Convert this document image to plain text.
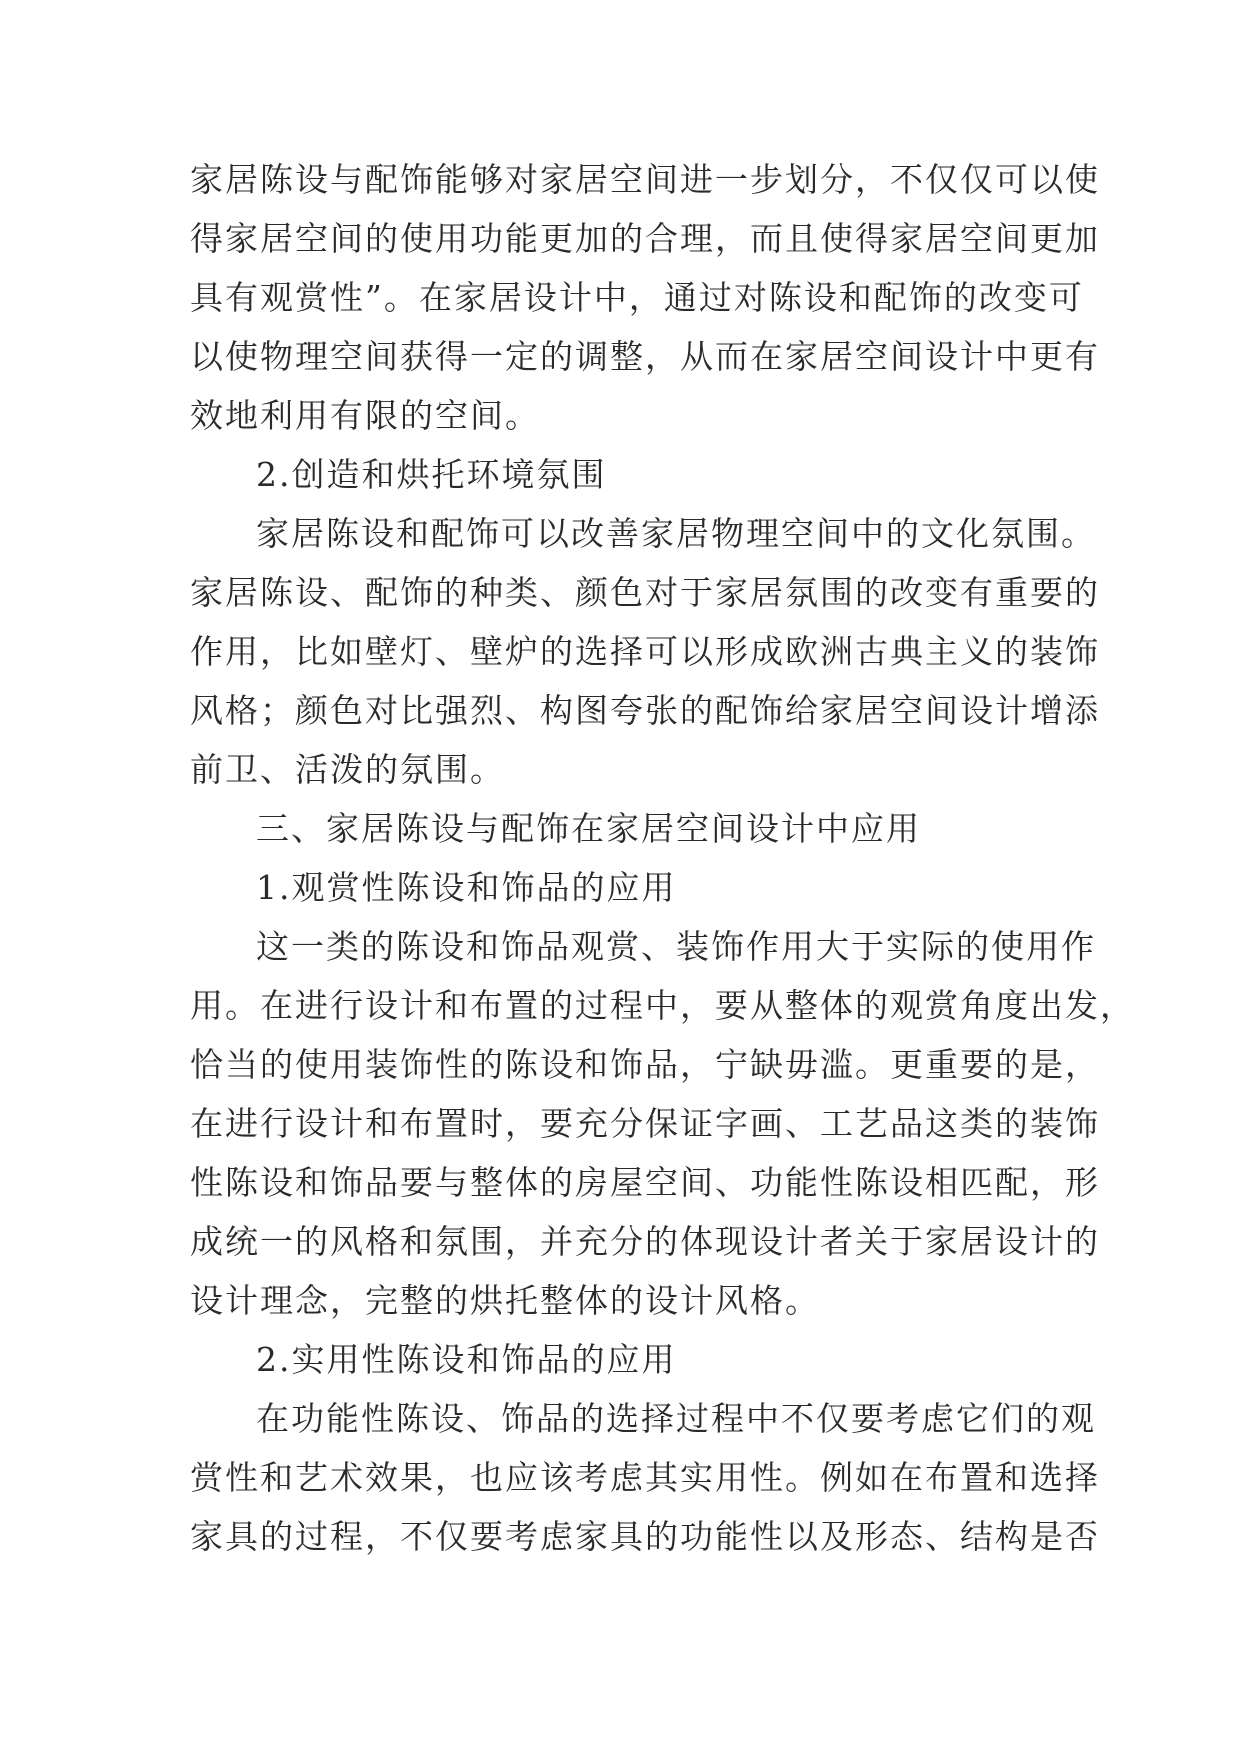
家居陈设与配饰能够对家居空间进一步划分，不仅仅可以使
得家居空间的使用功能更加的合理，而且使得家居空间更加
具有观赏性”。在家居设计中，通过对陈设和配饰的改变可
以使物理空间获得一定的调整，从而在家居空间设计中更有
效地利用有限的空间。
2.创造和烘托环境氛围
家居陈设和配饰可以改善家居物理空间中的文化氛围。
家居陈设、配饰的种类、颜色对于家居氛围的改变有重要的
作用，比如壁灯、壁炉的选择可以形成欧洲古典主义的装饰
风格；颜色对比强烈、构图夸张的配饰给家居空间设计增添
前卫、活泼的氛围。
三、家居陈设与配饰在家居空间设计中应用
1.观赏性陈设和饰品的应用
这一类的陈设和饰品观赏、装饰作用大于实际的使用作
用。在进行设计和布置的过程中，要从整体的观赏角度出发，
恰当的使用装饰性的陈设和饰品，宁缺毋滥。更重要的是，
在进行设计和布置时，要充分保证字画、工艺品这类的装饰
性陈设和饰品要与整体的房屋空间、功能性陈设相匹配，形
成统一的风格和氛围，并充分的体现设计者关于家居设计的
设计理念，完整的烘托整体的设计风格。
2.实用性陈设和饰品的应用
在功能性陈设、饰品的选择过程中不仅要考虑它们的观
赏性和艺术效果，也应该考虑其实用性。例如在布置和选择
家具的过程，不仅要考虑家具的功能性以及形态、结构是否
